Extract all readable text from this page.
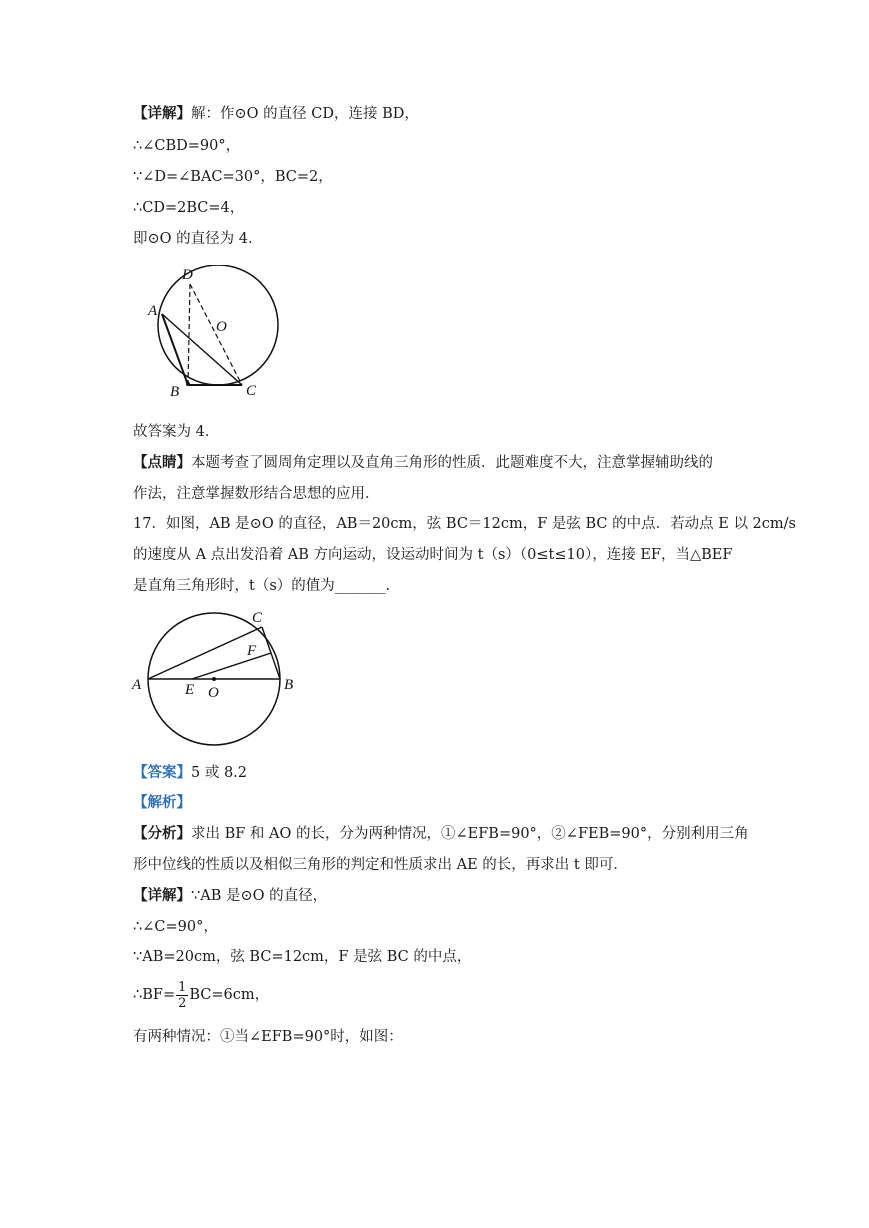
【详解】解：作⊙O 的直径 CD，连接 BD，
∴∠CBD=90°，
∵∠D=∠BAC=30°，BC=2，
∴CD=2BC=4，
即⊙O 的直径为 4．
D
A
O
B	C
故答案为 4．
【点睛】本题考查了圆周角定理以及直角三角形的性质．此题难度不大，注意掌握辅助线的
作法，注意掌握数形结合思想的应用．
17．如图，AB 是⊙O 的直径，AB＝20cm，弦 BC＝12cm，F 是弦 BC 的中点．若动点 E 以 2cm/s
的速度从 A 点出发沿着 AB 方向运动，设运动时间为 t（s）（0≤t≤10），连接 EF，当△BEF
是直角三角形时，t（s）的值为_______．
C
F
A	E O	B
【答案】5 或 8.2
【解析】
【分析】求出 BF 和 AO 的长，分为两种情况，①∠EFB=90°，②∠FEB=90°，分别利用三角
形中位线的性质以及相似三角形的判定和性质求出 AE 的长，再求出 t 即可．
【详解】∵AB 是⊙O 的直径，
∴∠C=90°，
∵AB=20cm，弦 BC=12cm，F 是弦 BC 的中点，
∴BF= $\frac{1}{2} BC=6cm$，
有两种情况：①当∠EFB=90°时，如图：
